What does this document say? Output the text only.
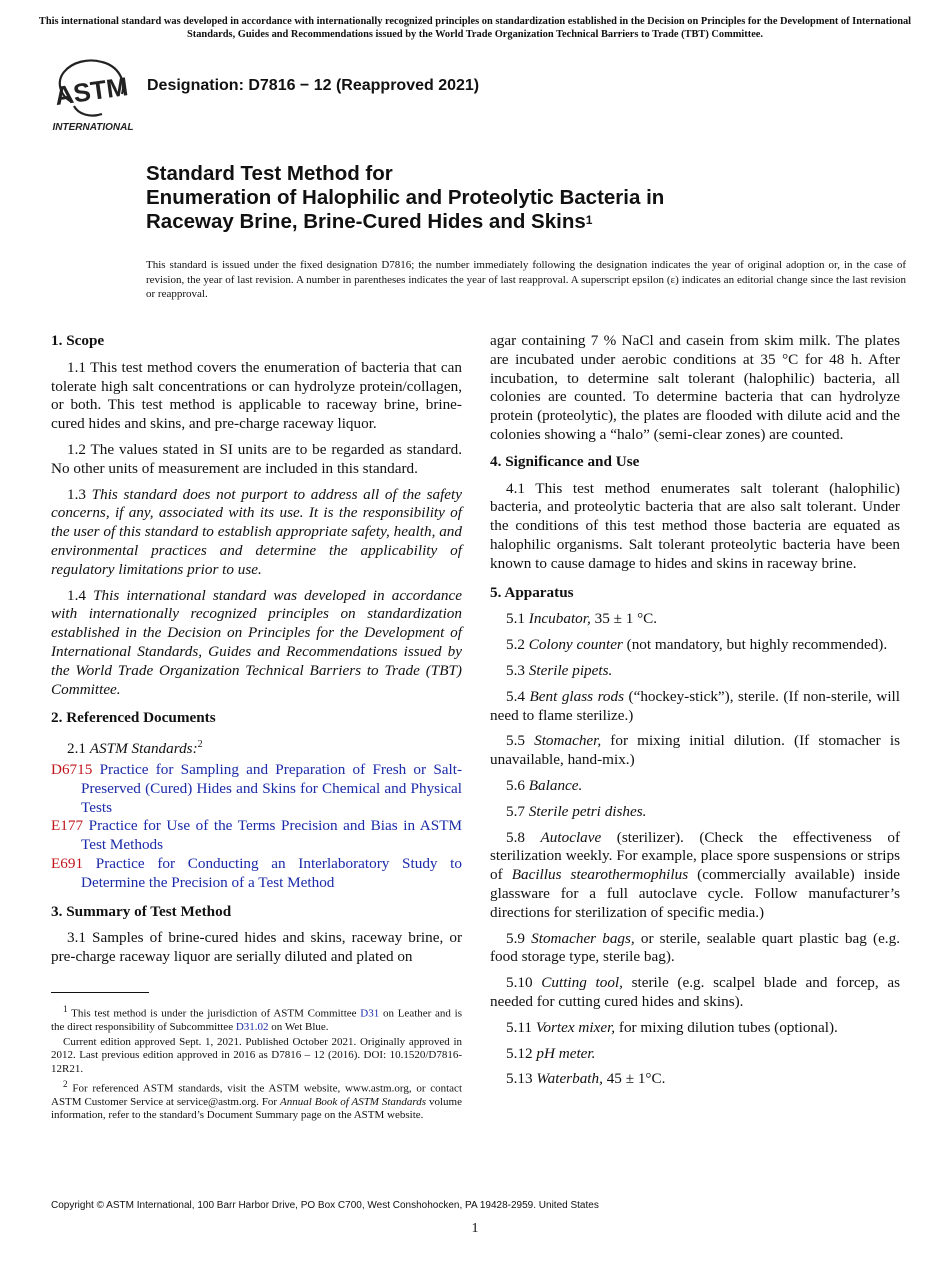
This international standard was developed in accordance with internationally recognized principles on standardization established in the Decision on Principles for the Development of International Standards, Guides and Recommendations issued by the World Trade Organization Technical Barriers to Trade (TBT) Committee.
ASTM
INTERNATIONAL
Designation: D7816 − 12 (Reapproved 2021)
Standard Test Method for
Enumeration of Halophilic and Proteolytic Bacteria in
Raceway Brine, Brine-Cured Hides and Skins$^1$
This standard is issued under the fixed designation D7816; the number immediately following the designation indicates the year of original adoption or, in the case of revision, the year of last revision. A number in parentheses indicates the year of last reapproval. A superscript epsilon (ε) indicates an editorial change since the last revision or reapproval.
1. Scope

1.1 This test method covers the enumeration of bacteria that can tolerate high salt concentrations or can hydrolyze protein/collagen, or both. This test method is applicable to raceway brine, brine-cured hides and skins, and pre-charge raceway liquor.

1.2 The values stated in SI units are to be regarded as standard. No other units of measurement are included in this standard.

1.3 This standard does not purport to address all of the safety concerns, if any, associated with its use. It is the responsibility of the user of this standard to establish appropriate safety, health, and environmental practices and determine the applicability of regulatory limitations prior to use.

1.4 This international standard was developed in accordance with internationally recognized principles on standardization established in the Decision on Principles for the Development of International Standards, Guides and Recommendations issued by the World Trade Organization Technical Barriers to Trade (TBT) Committee.

2. Referenced Documents

2.1 ASTM Standards:$^2$

D6715 Practice for Sampling and Preparation of Fresh or Salt-Preserved (Cured) Hides and Skins for Chemical and Physical Tests
E177 Practice for Use of the Terms Precision and Bias in ASTM Test Methods
E691 Practice for Conducting an Interlaboratory Study to Determine the Precision of a Test Method
3. Summary of Test Method

3.1 Samples of brine-cured hides and skins, raceway brine, or pre-charge raceway liquor are serially diluted and plated on

$^1$ This test method is under the jurisdiction of ASTM Committee D31 on Leather and is the direct responsibility of Subcommittee D31.02 on Wet Blue.

Current edition approved Sept. 1, 2021. Published October 2021. Originally approved in 2012. Last previous edition approved in 2016 as D7816 – 12 (2016). DOI: 10.1520/D7816-12R21.

$^2$ For referenced ASTM standards, visit the ASTM website, www.astm.org, or contact ASTM Customer Service at service@astm.org. For Annual Book of ASTM Standards volume information, refer to the standard’s Document Summary page on the ASTM website.

agar containing 7 % NaCl and casein from skim milk. The plates are incubated under aerobic conditions at 35 °C for 48 h. After incubation, to determine salt tolerant (halophilic) bacteria, all colonies are counted. To determine bacteria that can hydrolyze protein (proteolytic), the plates are flooded with dilute acid and the colonies showing a “halo” (semi-clear zones) are counted.

4. Significance and Use

4.1 This test method enumerates salt tolerant (halophilic) bacteria, and proteolytic bacteria that are also salt tolerant. Under the conditions of this test method those bacteria are equated as halophilic organisms. Salt tolerant proteolytic bacteria have been known to cause damage to hides and skins in raceway brine.

5. Apparatus

5.1 Incubator, 35 ± 1 °C.

5.2 Colony counter (not mandatory, but highly recommended).

5.3 Sterile pipets.

5.4 Bent glass rods (“hockey-stick”), sterile. (If non-sterile, will need to flame sterilize.)

5.5 Stomacher, for mixing initial dilution. (If stomacher is unavailable, hand-mix.)

5.6 Balance.

5.7 Sterile petri dishes.

5.8 Autoclave (sterilizer). (Check the effectiveness of sterilization weekly. For example, place spore suspensions or strips of Bacillus stearothermophilus (commercially available) inside glassware for a full autoclave cycle. Follow manufacturer’s directions for sterilization of specific media.)

5.9 Stomacher bags, or sterile, sealable quart plastic bag (e.g. food storage type, sterile bag).

5.10 Cutting tool, sterile (e.g. scalpel blade and forcep, as needed for cutting cured hides and skins).

5.11 Vortex mixer, for mixing dilution tubes (optional).

5.12 pH meter.

5.13 Waterbath, 45 ± 1°C.

Copyright © ASTM International, 100 Barr Harbor Drive, PO Box C700, West Conshohocken, PA 19428-2959. United States
1
